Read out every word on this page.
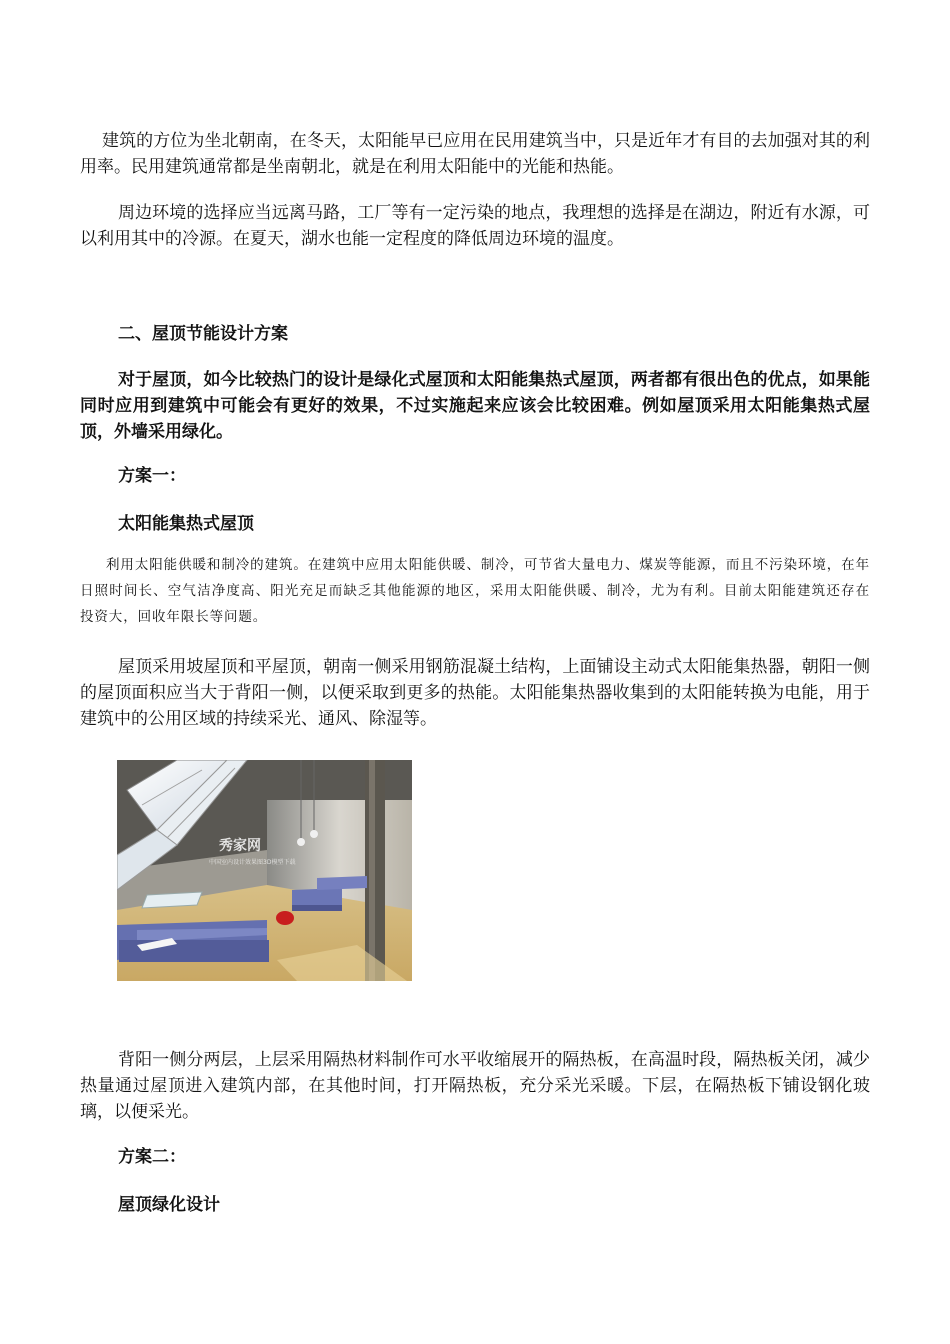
建筑的方位为坐北朝南，在冬天，太阳能早已应用在民用建筑当中，只是近年才有目的去加强对其的利用率。民用建筑通常都是坐南朝北，就是在利用太阳能中的光能和热能。

周边环境的选择应当远离马路，工厂等有一定污染的地点，我理想的选择是在湖边，附近有水源，可以利用其中的冷源。在夏天，湖水也能一定程度的降低周边环境的温度。

二、屋顶节能设计方案

对于屋顶，如今比较热门的设计是绿化式屋顶和太阳能集热式屋顶，两者都有很出色的优点，如果能同时应用到建筑中可能会有更好的效果，不过实施起来应该会比较困难。例如屋顶采用太阳能集热式屋顶，外墙采用绿化。

方案一：

太阳能集热式屋顶

利用太阳能供暖和制冷的建筑。在建筑中应用太阳能供暖、制冷，可节省大量电力、煤炭等能源，而且不污染环境，在年日照时间长、空气洁净度高、阳光充足而缺乏其他能源的地区，采用太阳能供暖、制冷，尤为有利。目前太阳能建筑还存在投资大，回收年限长等问题。

屋顶采用坡屋顶和平屋顶，朝南一侧采用钢筋混凝土结构，上面铺设主动式太阳能集热器，朝阳一侧的屋顶面积应当大于背阳一侧，以便采取到更多的热能。太阳能集热器收集到的太阳能转换为电能，用于建筑中的公用区域的持续采光、通风、除湿等。

秀家网
中国室内设计效果图3D模型下载

背阳一侧分两层，上层采用隔热材料制作可水平收缩展开的隔热板，在高温时段，隔热板关闭，减少热量通过屋顶进入建筑内部，在其他时间，打开隔热板，充分采光采暖。下层，在隔热板下铺设钢化玻璃，以便采光。

方案二：

屋顶绿化设计
